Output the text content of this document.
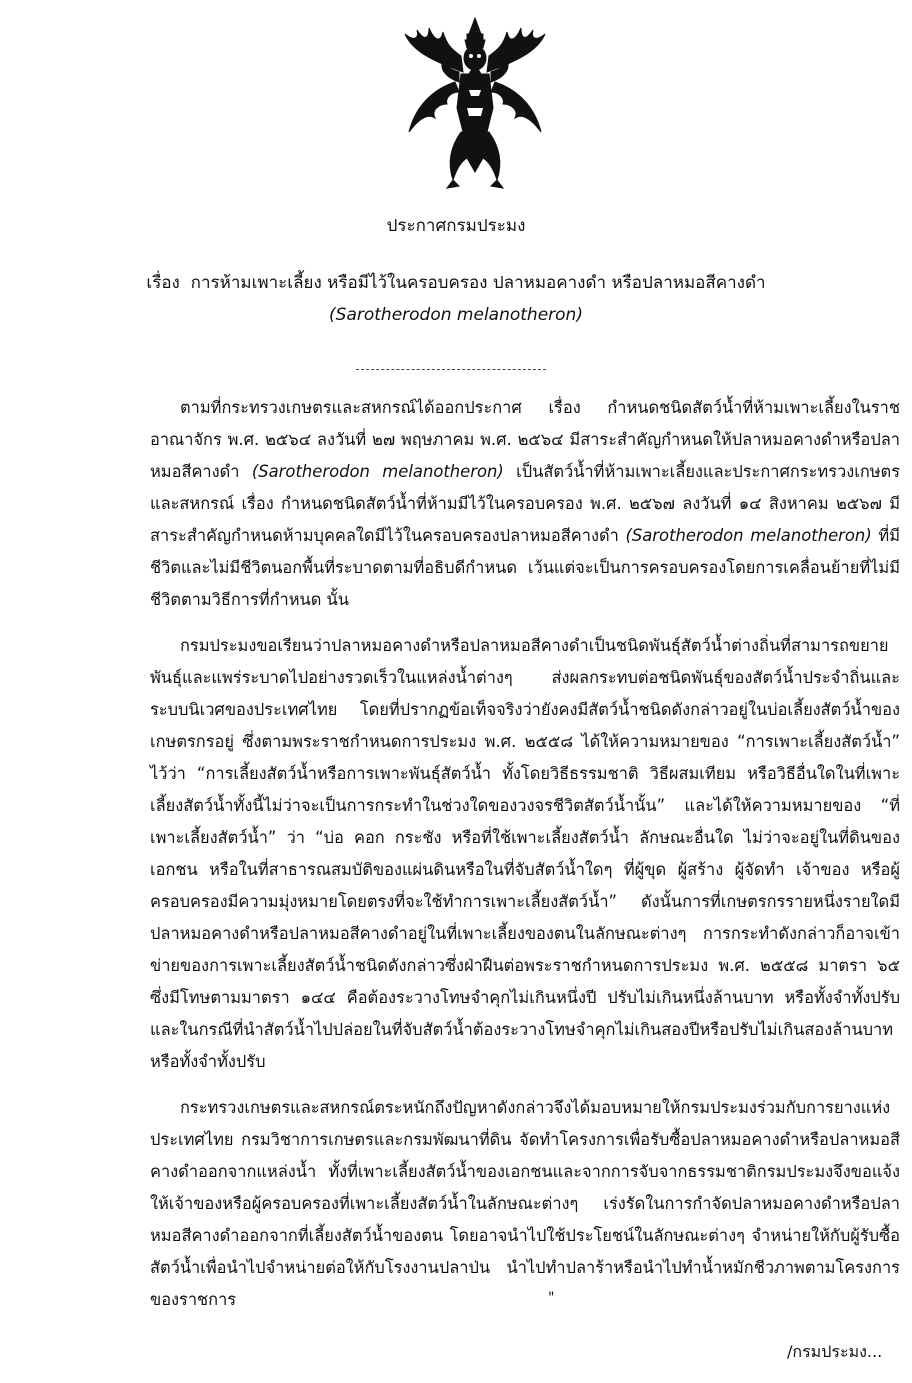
ประกาศกรมประมง
เรื่อง การห้ามเพาะเลี้ยง หรือมีไว้ในครอบครอง ปลาหมอคางดำ หรือปลาหมอสีคางดำ
(Sarotherodon melanotheron)

ตามที่กระทรวงเกษตรและสหกรณ์ได้ออกประกาศ เรื่อง กำหนดชนิดสัตว์น้ำที่ห้ามเพาะเลี้ยงในราชอาณาจักร พ.ศ. ๒๕๖๔ ลงวันที่ ๒๗ พฤษภาคม พ.ศ. ๒๕๖๔ มีสาระสำคัญกำหนดให้ปลาหมอคางดำหรือปลาหมอสีคางดำ (Sarotherodon melanotheron) เป็นสัตว์น้ำที่ห้ามเพาะเลี้ยงและประกาศกระทรวงเกษตรและสหกรณ์ เรื่อง กำหนดชนิดสัตว์น้ำที่ห้ามมีไว้ในครอบครอง พ.ศ. ๒๕๖๗ ลงวันที่ ๑๔ สิงหาคม ๒๕๖๗ มีสาระสำคัญกำหนดห้ามบุคคลใดมีไว้ในครอบครองปลาหมอสีคางดำ (Sarotherodon melanotheron) ที่มีชีวิตและไม่มีชีวิตนอกพื้นที่ระบาดตามที่อธิบดีกำหนด เว้นแต่จะเป็นการครอบครองโดยการเคลื่อนย้ายที่ไม่มีชีวิตตามวิธีการที่กำหนด นั้น

กรมประมงขอเรียนว่าปลาหมอคางดำหรือปลาหมอสีคางดำเป็นชนิดพันธุ์สัตว์น้ำต่างถิ่นที่สามารถขยายพันธุ์และแพร่ระบาดไปอย่างรวดเร็วในแหล่งน้ำต่างๆ ส่งผลกระทบต่อชนิดพันธุ์ของสัตว์น้ำประจำถิ่นและระบบนิเวศของประเทศไทย โดยที่ปรากฏข้อเท็จจริงว่ายังคงมีสัตว์น้ำชนิดดังกล่าวอยู่ในบ่อเลี้ยงสัตว์น้ำของเกษตรกรอยู่ ซึ่งตามพระราชกำหนดการประมง พ.ศ. ๒๕๕๘ ได้ให้ความหมายของ “การเพาะเลี้ยงสัตว์น้ำ” ไว้ว่า “การเลี้ยงสัตว์น้ำหรือการเพาะพันธุ์สัตว์น้ำ ทั้งโดยวิธีธรรมชาติ วิธีผสมเทียม หรือวิธีอื่นใดในที่เพาะเลี้ยงสัตว์น้ำทั้งนี้ไม่ว่าจะเป็นการกระทำในช่วงใดของวงจรชีวิตสัตว์น้ำนั้น” และได้ให้ความหมายของ “ที่เพาะเลี้ยงสัตว์น้ำ” ว่า “บ่อ คอก กระชัง หรือที่ใช้เพาะเลี้ยงสัตว์น้ำ ลักษณะอื่นใด ไม่ว่าจะอยู่ในที่ดินของเอกชน หรือในที่สาธารณสมบัติของแผ่นดินหรือในที่จับสัตว์น้ำใดๆ ที่ผู้ขุด ผู้สร้าง ผู้จัดทำ เจ้าของ หรือผู้ครอบครองมีความมุ่งหมายโดยตรงที่จะใช้ทำการเพาะเลี้ยงสัตว์น้ำ” ดังนั้นการที่เกษตรกรรายหนึ่งรายใดมีปลาหมอคางดำหรือปลาหมอสีคางดำอยู่ในที่เพาะเลี้ยงของตนในลักษณะต่างๆ การกระทำดังกล่าวก็อาจเข้าข่ายของการเพาะเลี้ยงสัตว์น้ำชนิดดังกล่าวซึ่งฝ่าฝืนต่อพระราชกำหนดการประมง พ.ศ. ๒๕๕๘ มาตรา ๖๕ ซึ่งมีโทษตามมาตรา ๑๔๔ คือต้องระวางโทษจำคุกไม่เกินหนึ่งปี ปรับไม่เกินหนึ่งล้านบาท หรือทั้งจำทั้งปรับและในกรณีที่นำสัตว์น้ำไปปล่อยในที่จับสัตว์น้ำต้องระวางโทษจำคุกไม่เกินสองปีหรือปรับไม่เกินสองล้านบาท หรือทั้งจำทั้งปรับ

กระทรวงเกษตรและสหกรณ์ตระหนักถึงปัญหาดังกล่าวจึงได้มอบหมายให้กรมประมงร่วมกับการยางแห่งประเทศไทย กรมวิชาการเกษตรและกรมพัฒนาที่ดิน จัดทำโครงการเพื่อรับซื้อปลาหมอคางดำหรือปลาหมอสีคางดำออกจากแหล่งน้ำ ทั้งที่เพาะเลี้ยงสัตว์น้ำของเอกชนและจากการจับจากธรรมชาติกรมประมงจึงขอแจ้งให้เจ้าของหรือผู้ครอบครองที่เพาะเลี้ยงสัตว์น้ำในลักษณะต่างๆ เร่งรัดในการกำจัดปลาหมอคางดำหรือปลาหมอสีคางดำออกจากที่เลี้ยงสัตว์น้ำของตน โดยอาจนำไปใช้ประโยชน์ในลักษณะต่างๆ จำหน่ายให้กับผู้รับซื้อสัตว์น้ำเพื่อนำไปจำหน่ายต่อให้กับโรงงานปลาป่น นำไปทำปลาร้าหรือนำไปทำน้ำหมักชีวภาพตามโครงการของราชการ	"
/กรมประมง...
